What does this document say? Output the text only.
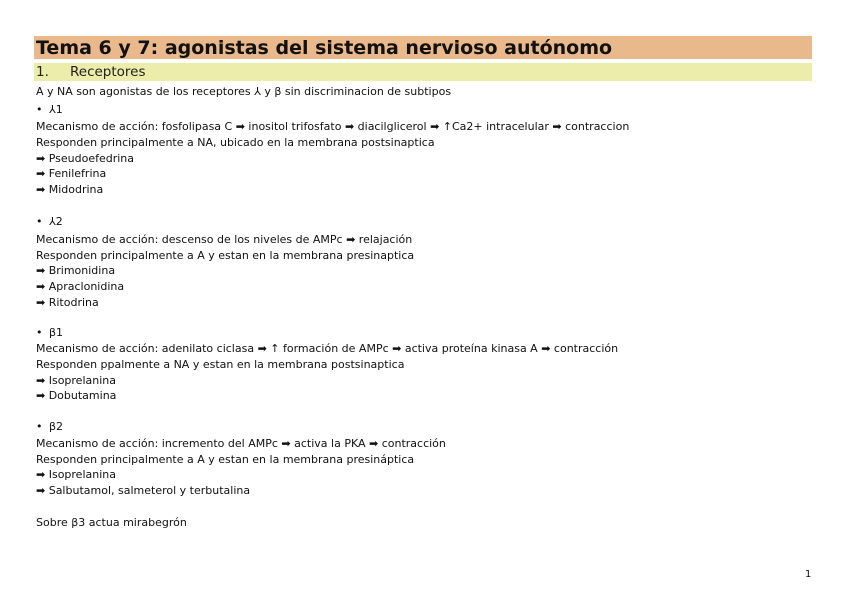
Tema 6 y 7: agonistas del sistema nervioso autónomo
1. Receptores
A y NA son agonistas de los receptores ⅄ y β sin discriminacion de subtipos
• ⅄1
Mecanismo de acción: fosfolipasa C ➡ inositol trifosfato ➡ diacilglicerol ➡ ↑Ca2+ intracelular ➡ contraccion
Responden principalmente a NA, ubicado en la membrana postsinaptica
➡ Pseudoefedrina
➡ Fenilefrina
➡ Midodrina
• ⅄2
Mecanismo de acción: descenso de los niveles de AMPc ➡ relajación
Responden principalmente a A y estan en la membrana presinaptica
➡ Brimonidina
➡ Apraclonidina
➡ Ritodrina
• β1
Mecanismo de acción: adenilato ciclasa ➡ ↑ formación de AMPc ➡ activa proteína kinasa A ➡ contracción
Responden ppalmente a NA y estan en la membrana postsinaptica
➡ Isoprelanina
➡ Dobutamina
• β2
Mecanismo de acción: incremento del AMPc ➡ activa la PKA ➡ contracción
Responden principalmente a A y estan en la membrana presináptica
➡ Isoprelanina
➡ Salbutamol, salmeterol y terbutalina
Sobre β3 actua mirabegrón
1
